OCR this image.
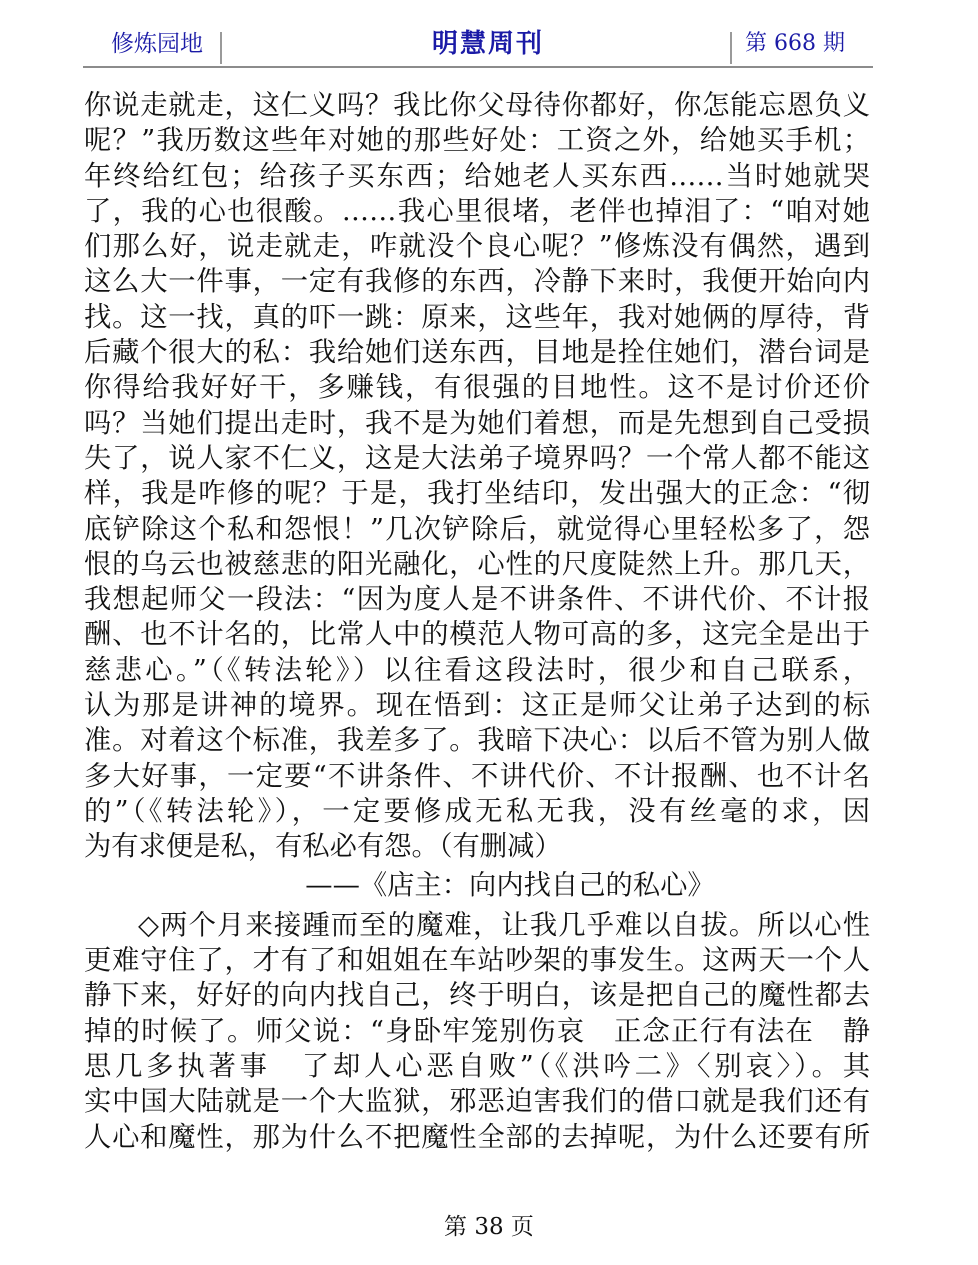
修炼园地	明慧周刊	第 668 期
你说走就走，这仁义吗？我比你父母待你都好，你怎能忘恩负义
呢？”我历数这些年对她的那些好处：工资之外，给她买手机；
年终给红包；给孩子买东西；给她老人买东西……当时她就哭
了，我的心也很酸。……我心里很堵，老伴也掉泪了：“咱对她
们那么好，说走就走，咋就没个良心呢？”修炼没有偶然，遇到
这么大一件事，一定有我修的东西，冷静下来时，我便开始向内
找。这一找，真的吓一跳：原来，这些年，我对她俩的厚待，背
后藏个很大的私：我给她们送东西，目地是拴住她们，潜台词是
你得给我好好干，多赚钱，有很强的目地性。这不是讨价还价
吗？当她们提出走时，我不是为她们着想，而是先想到自己受损
失了，说人家不仁义，这是大法弟子境界吗？一个常人都不能这
样，我是咋修的呢？于是，我打坐结印，发出强大的正念：“彻
底铲除这个私和怨恨！”几次铲除后，就觉得心里轻松多了，怨
恨的乌云也被慈悲的阳光融化，心性的尺度陡然上升。那几天，
我想起师父一段法：“因为度人是不讲条件、不讲代价、不计报
酬、也不计名的，比常人中的模范人物可高的多，这完全是出于
慈悲心。”（《转法轮》）以往看这段法时，很少和自己联系，
认为那是讲神的境界。现在悟到：这正是师父让弟子达到的标
准。对着这个标准，我差多了。我暗下决心：以后不管为别人做
多大好事，一定要“不讲条件、不讲代价、不计报酬、也不计名
的”（《转法轮》），一定要修成无私无我，没有丝毫的求，因
为有求便是私，有私必有怨。（有删减）
——《店主：向内找自己的私心》
◇两个月来接踵而至的魔难，让我几乎难以自拔。所以心性
更难守住了，才有了和姐姐在车站吵架的事发生。这两天一个人
静下来，好好的向内找自己，终于明白，该是把自己的魔性都去
掉的时候了。师父说：“身卧牢笼别伤哀　正念正行有法在　静
思几多执著事　了却人心恶自败”（《洪吟二》〈别哀〉）。其
实中国大陆就是一个大监狱，邪恶迫害我们的借口就是我们还有
人心和魔性，那为什么不把魔性全部的去掉呢，为什么还要有所
第 38 页
